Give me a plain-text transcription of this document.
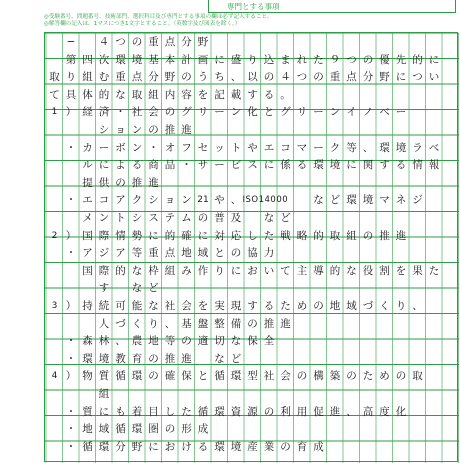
専門とする事項
◎受験番号、問題番号、技術部門、選択科目及び専門とする事項の欄は必ず記入すること。
◎解答欄の記入は、1マスにつき1文字とすること。（英数字及び図表を除く。）
−	４ つ の 重 点 分 野
第 四 次 環 境 基 本 計 画 に 盛 り 込 ま れ た ９ つ の 優 先 的 に
取 り 組 む 重 点 分 野 の う ち 、 以 の ４ つ の 重 点 分 野 に つ い
て 具 体 的 な 取 組 内 容 を 記 載 す る 。
1 ） 経 済 ・ 社 会 の グ リ ー ン 化 と グ リ ー ン イ ノ ベ ー
シ ョ ン の 推 進
・ カ ー ボ ン ・ オ フ セ ッ ト や エ コ マ ー ク 等 、 環 境 ラ ベ
ル に よ る 商 品 ・ サ ー ビ ス に 係 る 環 境 に 関 す る 情 報
提 供 の 推 進
・ エ コ ア ク シ ョ ン 21 や 、 ISO14000	な ど 環 境 マ ネ ジ
メ ン ト シ ス テ ム の 普 及	な ど
2 ） 国 際 情 勢 に 的 確 に 対 応 し た 戦 略 的 取 組 の 推 進
・ ア ジ ア 等 重 点 地 域 と の 協 力
国 際 的 な 枠 組 み 作 り に お い て 主 導 的 な 役 割 を 果 た
す	な ど
3 ） 持 続 可 能 な 社 会 を 実 現 す る た め の 地 域 づ く り 、
人 づ く り 、 基 盤 整 備 の 推 進
・ 森 林 、 農 地 等 の 適 切 な 保 全
・ 環 境 教 育 の 推 進	な ど
4 ） 物 質 循 環 の 確 保 と 循 環 型 社 会 の 構 築 の た め の 取
組
・ 質 に も 着 目 し た 循 環 資 源 の 利 用 促 進 、 高 度 化
・ 地 域 循 環 圏 の 形 成
・ 循 環 分 野 に お け る 環 境 産 業 の 育 成
